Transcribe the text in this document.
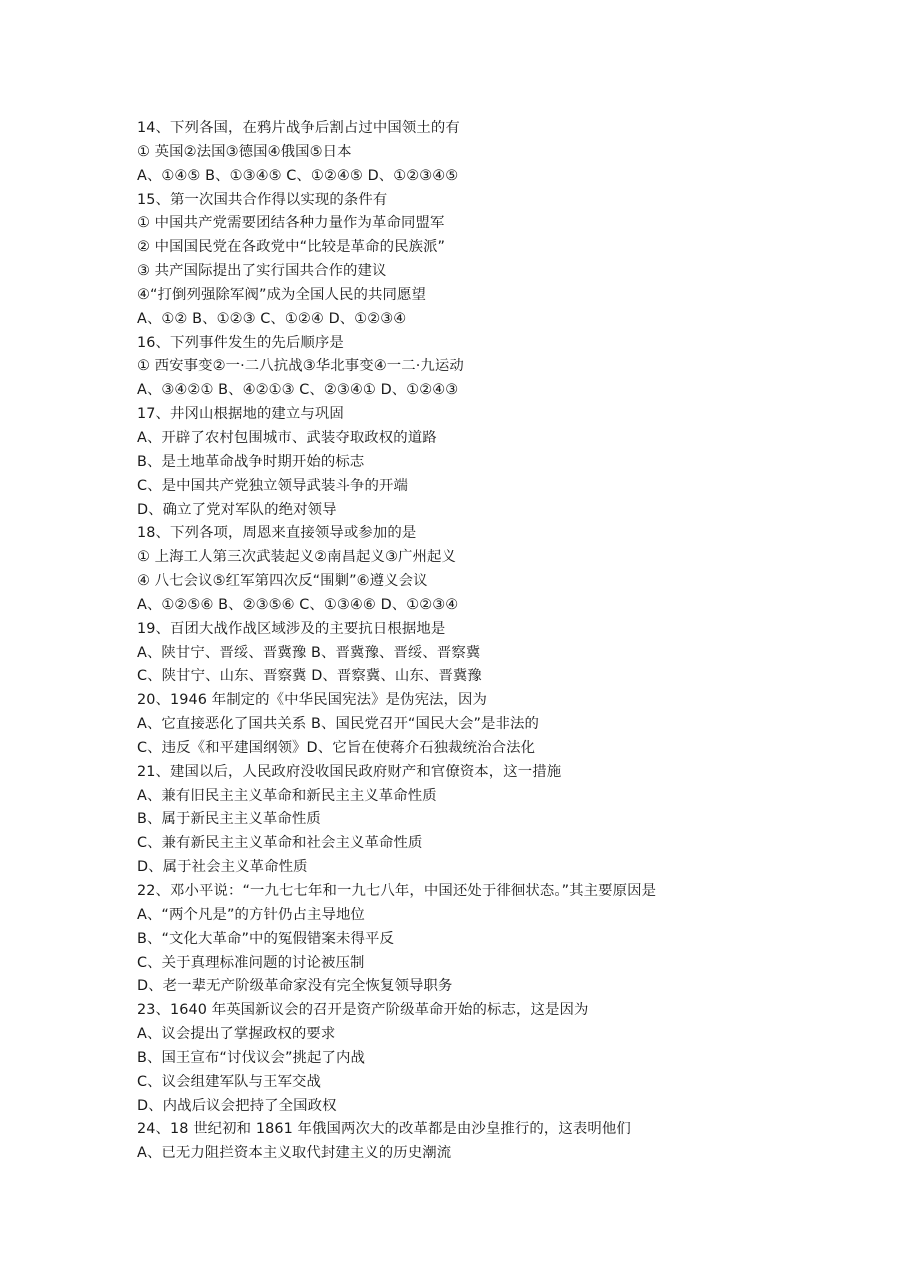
14、下列各国，在鸦片战争后割占过中国领土的有
① 英国②法国③德国④俄国⑤日本
A、①④⑤ B、①③④⑤ C、①②④⑤ D、①②③④⑤
15、第一次国共合作得以实现的条件有
① 中国共产党需要团结各种力量作为革命同盟军
② 中国国民党在各政党中“比较是革命的民族派”
③ 共产国际提出了实行国共合作的建议
④“打倒列强除军阀”成为全国人民的共同愿望
A、①② B、①②③ C、①②④ D、①②③④
16、下列事件发生的先后顺序是
① 西安事变②一·二八抗战③华北事变④一二·九运动
A、③④②① B、④②①③ C、②③④① D、①②④③
17、井冈山根据地的建立与巩固
A、开辟了农村包围城市、武装夺取政权的道路
B、是土地革命战争时期开始的标志
C、是中国共产党独立领导武装斗争的开端
D、确立了党对军队的绝对领导
18、下列各项，周恩来直接领导或参加的是
① 上海工人第三次武装起义②南昌起义③广州起义
④ 八七会议⑤红军第四次反“围剿”⑥遵义会议
A、①②⑤⑥ B、②③⑤⑥ C、①③④⑥ D、①②③④
19、百团大战作战区域涉及的主要抗日根据地是
A、陕甘宁、晋绥、晋冀豫 B、晋冀豫、晋绥、晋察冀
C、陕甘宁、山东、晋察冀 D、晋察冀、山东、晋冀豫
20、1946 年制定的《中华民国宪法》是伪宪法，因为
A、它直接恶化了国共关系 B、国民党召开“国民大会”是非法的
C、违反《和平建国纲领》D、它旨在使蒋介石独裁统治合法化
21、建国以后，人民政府没收国民政府财产和官僚资本，这一措施
A、兼有旧民主主义革命和新民主主义革命性质
B、属于新民主主义革命性质
C、兼有新民主主义革命和社会主义革命性质
D、属于社会主义革命性质
22、邓小平说：“一九七七年和一九七八年，中国还处于徘徊状态。”其主要原因是
A、“两个凡是”的方针仍占主导地位
B、“文化大革命”中的冤假错案未得平反
C、关于真理标准问题的讨论被压制
D、老一辈无产阶级革命家没有完全恢复领导职务
23、1640 年英国新议会的召开是资产阶级革命开始的标志，这是因为
A、议会提出了掌握政权的要求
B、国王宣布“讨伐议会”挑起了内战
C、议会组建军队与王军交战
D、内战后议会把持了全国政权
24、18 世纪初和 1861 年俄国两次大的改革都是由沙皇推行的，这表明他们
A、已无力阻拦资本主义取代封建主义的历史潮流
